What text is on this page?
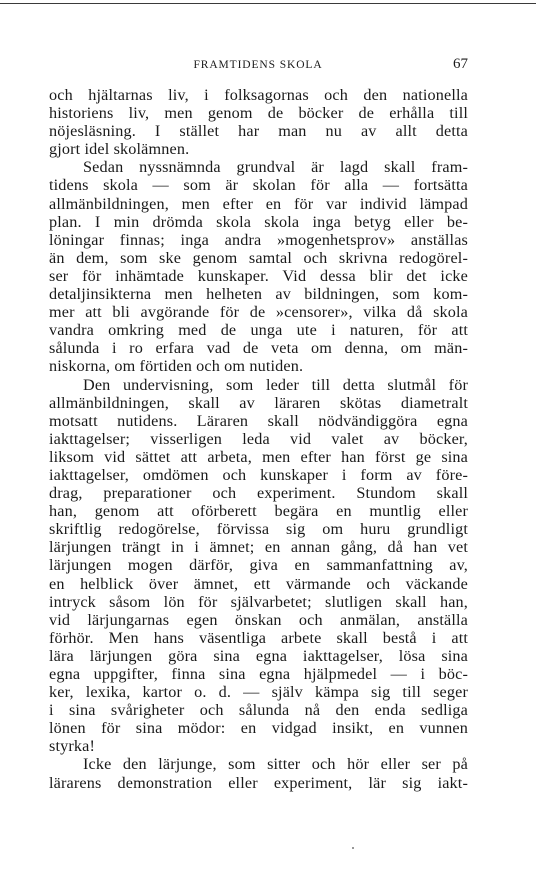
FRAMTIDENS SKOLA	67
och hjältarnas liv, i folksagornas och den nationella
historiens liv, men genom de böcker de erhålla till
nöjesläsning. I stället har man nu av allt detta
gjort idel skolämnen.
Sedan nyssnämnda grundval är lagd skall fram-
tidens skola — som är skolan för alla — fortsätta
allmänbildningen, men efter en för var individ lämpad
plan. I min drömda skola skola inga betyg eller be-
löningar finnas; inga andra »mogenhetsprov» anställas
än dem, som ske genom samtal och skrivna redogörel-
ser för inhämtade kunskaper. Vid dessa blir det icke
detaljinsikterna men helheten av bildningen, som kom-
mer att bli avgörande för de »censorer», vilka då skola
vandra omkring med de unga ute i naturen, för att
sålunda i ro erfara vad de veta om denna, om män-
niskorna, om förtiden och om nutiden.
Den undervisning, som leder till detta slutmål för
allmänbildningen, skall av läraren skötas diametralt
motsatt nutidens. Läraren skall nödvändiggöra egna
iakttagelser; visserligen leda vid valet av böcker,
liksom vid sättet att arbeta, men efter han först ge sina
iakttagelser, omdömen och kunskaper i form av före-
drag, preparationer och experiment. Stundom skall
han, genom att oförberett begära en muntlig eller
skriftlig redogörelse, förvissa sig om huru grundligt
lärjungen trängt in i ämnet; en annan gång, då han vet
lärjungen mogen därför, giva en sammanfattning av,
en helblick över ämnet, ett värmande och väckande
intryck såsom lön för självarbetet; slutligen skall han,
vid lärjungarnas egen önskan och anmälan, anställa
förhör. Men hans väsentliga arbete skall bestå i att
lära lärjungen göra sina egna iakttagelser, lösa sina
egna uppgifter, finna sina egna hjälpmedel — i böc-
ker, lexika, kartor o. d. — själv kämpa sig till seger
i sina svårigheter och sålunda nå den enda sedliga
lönen för sina mödor: en vidgad insikt, en vunnen
styrka!
Icke den lärjunge, som sitter och hör eller ser på
lärarens demonstration eller experiment, lär sig iakt-
